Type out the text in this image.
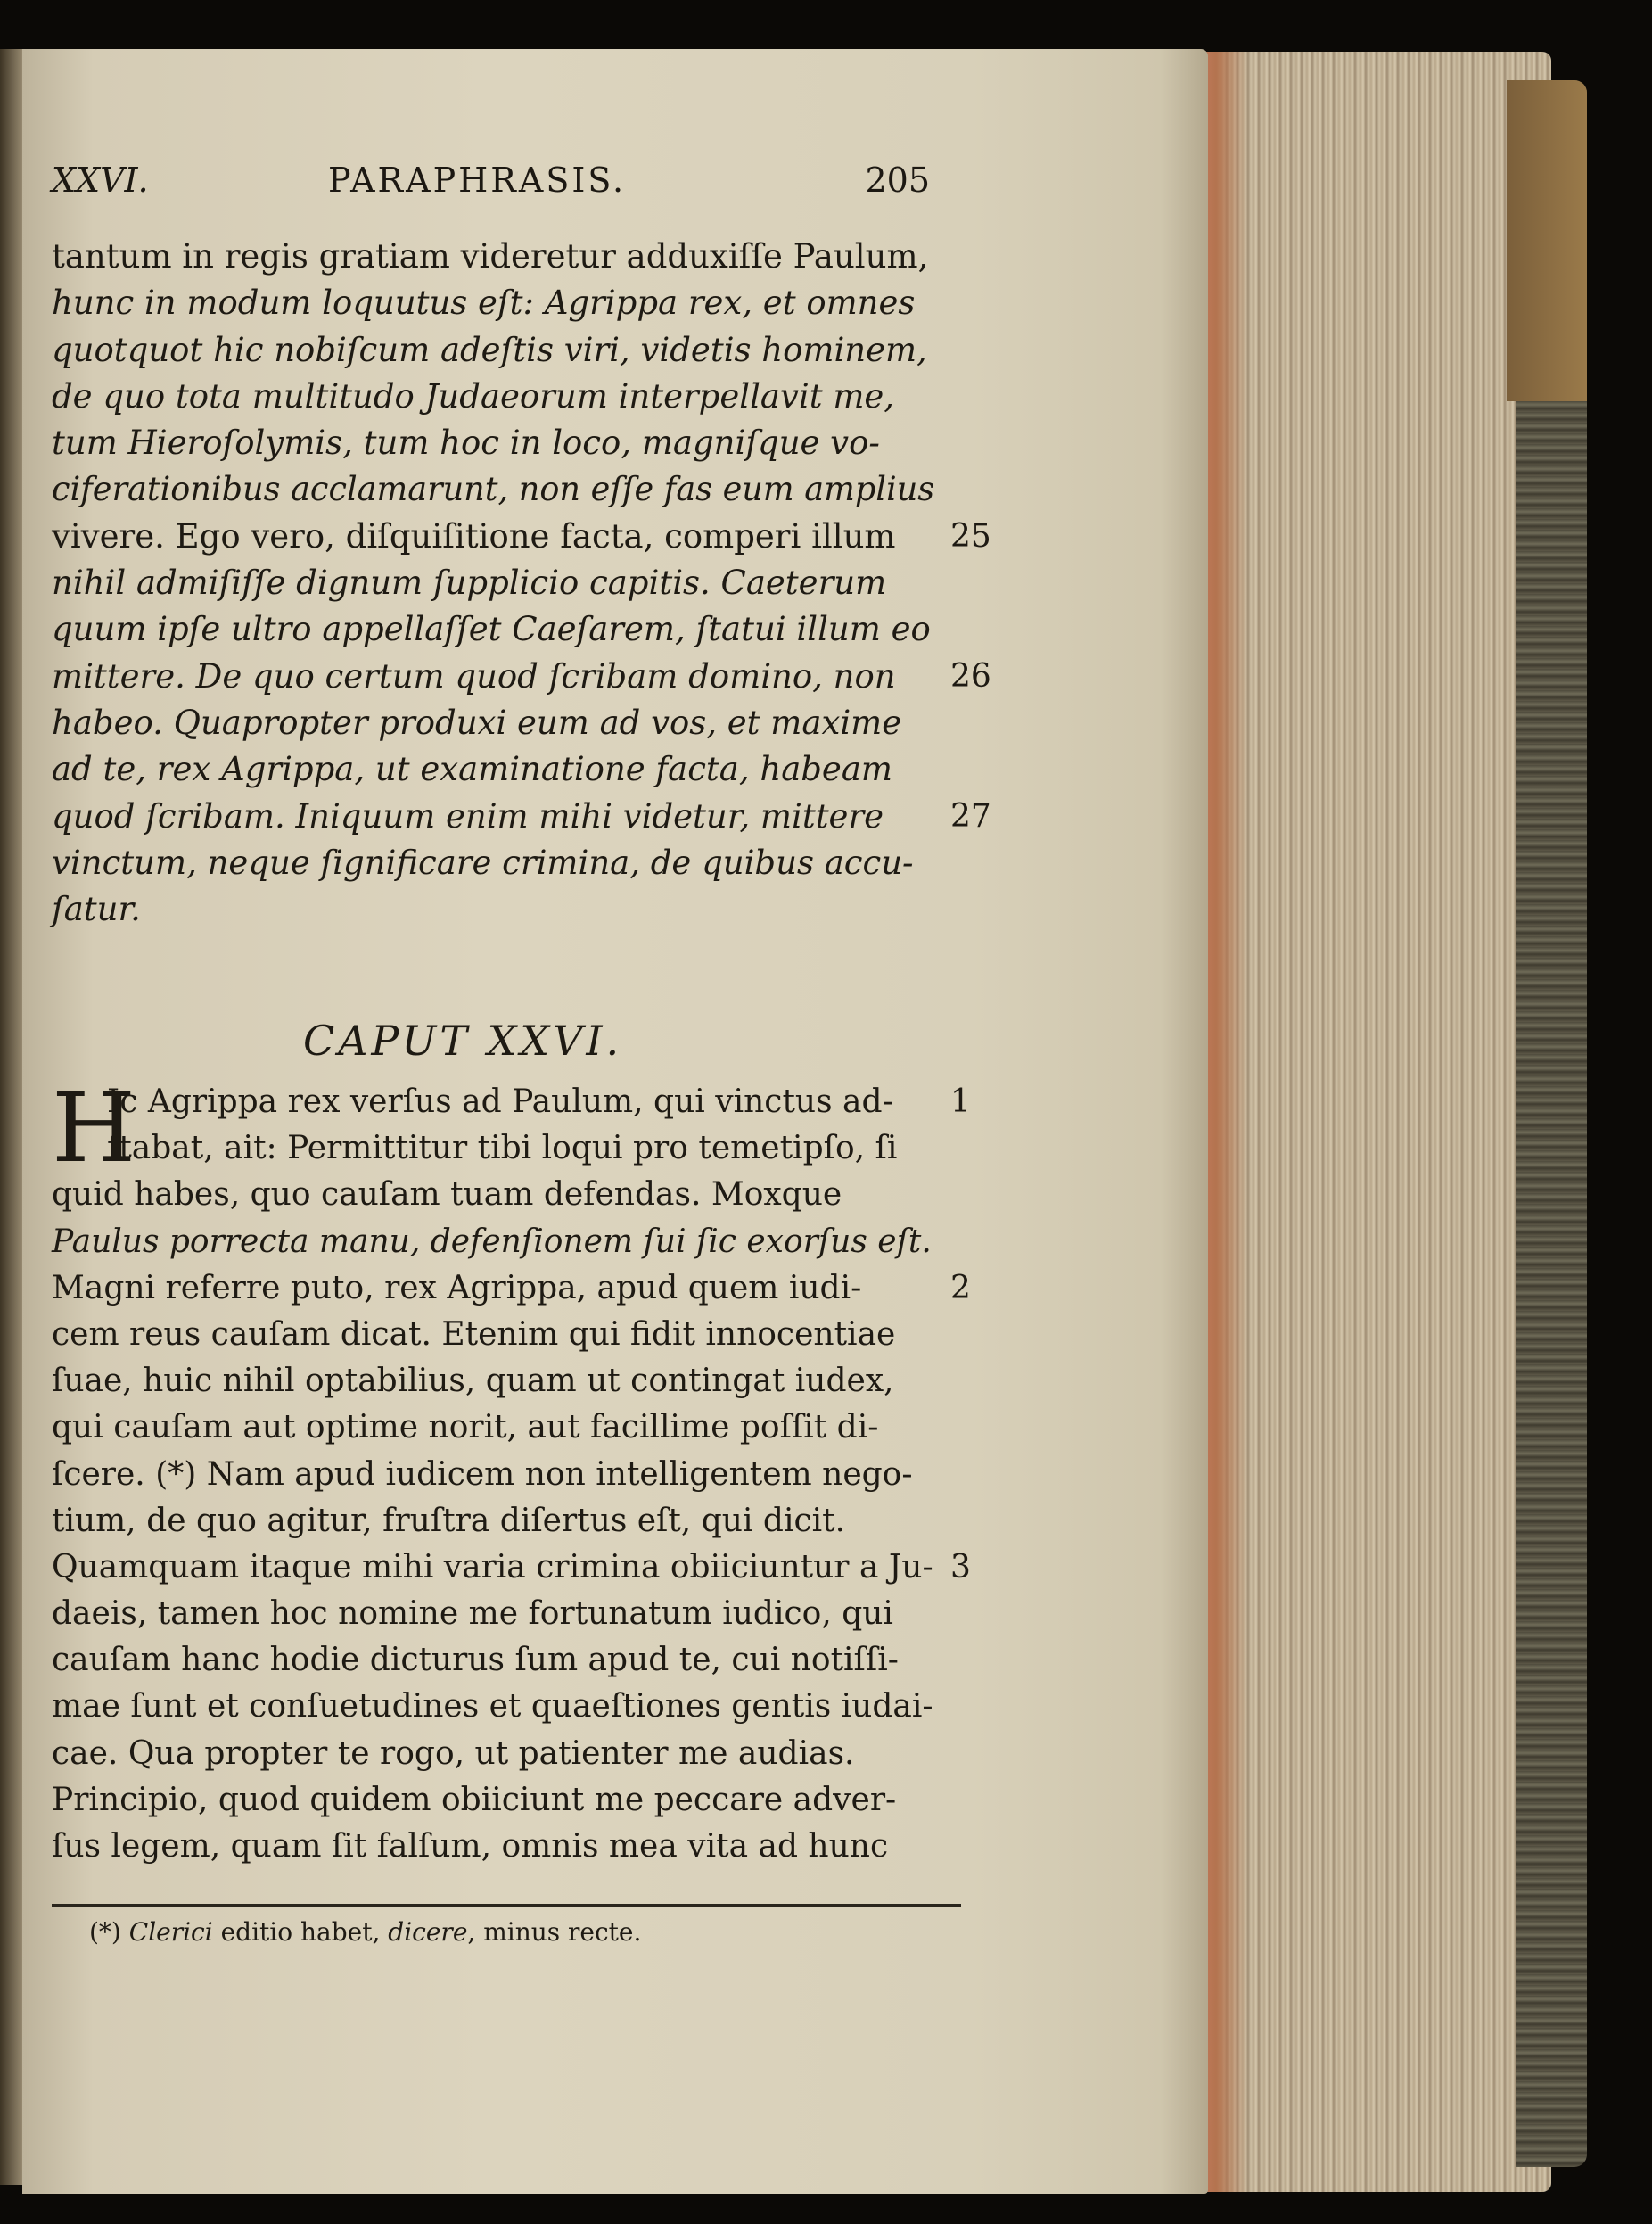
XXVI.	PARAPHRASIS.	205
tantum in regis gratiam videretur adduxiſſe Paulum,
hunc in modum loquutus eſt: Agrippa rex, et omnes
quotquot hic nobiſcum adeſtis viri, videtis hominem,
de quo tota multitudo Judaeorum interpellavit me,
tum Hieroſolymis, tum hoc in loco, magniſque vo-
ciferationibus acclamarunt, non eſſe fas eum amplius
vivere. Ego vero, diſquiſitione facta, comperi illum 25
nihil admiſiſſe dignum ſupplicio capitis. Caeterum
quum ipſe ultro appellaſſet Caeſarem, ſtatui illum eo
mittere. De quo certum quod ſcribam domino, non 26
habeo. Quapropter produxi eum ad vos, et maxime
ad te, rex Agrippa, ut examinatione facta, habeam
quod ſcribam. Iniquum enim mihi videtur, mittere 27
vinctum, neque ſignificare crimina, de quibus accu-
ſatur.
CAPUT XXVI.
H
Ic Agrippa rex verſus ad Paulum, qui vinctus ad- 1
ſtabat, ait: Permittitur tibi loqui pro temetipſo, ſi
quid habes, quo cauſam tuam defendas. Moxque
Paulus porrecta manu, defenſionem ſui ſic exorſus eſt.
Magni referre puto, rex Agrippa, apud quem iudi-	2
cem reus cauſam dicat. Etenim qui fidit innocentiae
ſuae, huic nihil optabilius, quam ut contingat iudex,
qui cauſam aut optime norit, aut facillime poſſit di-
ſcere. (*) Nam apud iudicem non intelligentem nego-
tium, de quo agitur, fruſtra diſertus eſt, qui dicit.
Quamquam itaque mihi varia crimina obiiciuntur a Ju- 3
daeis, tamen hoc nomine me fortunatum iudico, qui
cauſam hanc hodie dicturus ſum apud te, cui notiſſi-
mae ſunt et conſuetudines et quaeſtiones gentis iudai-
cae. Qua propter te rogo, ut patienter me audias.
Principio, quod quidem obiiciunt me peccare adver-
ſus legem, quam ſit falſum, omnis mea vita ad hunc
(*) Clerici editio habet, dicere, minus recte.
